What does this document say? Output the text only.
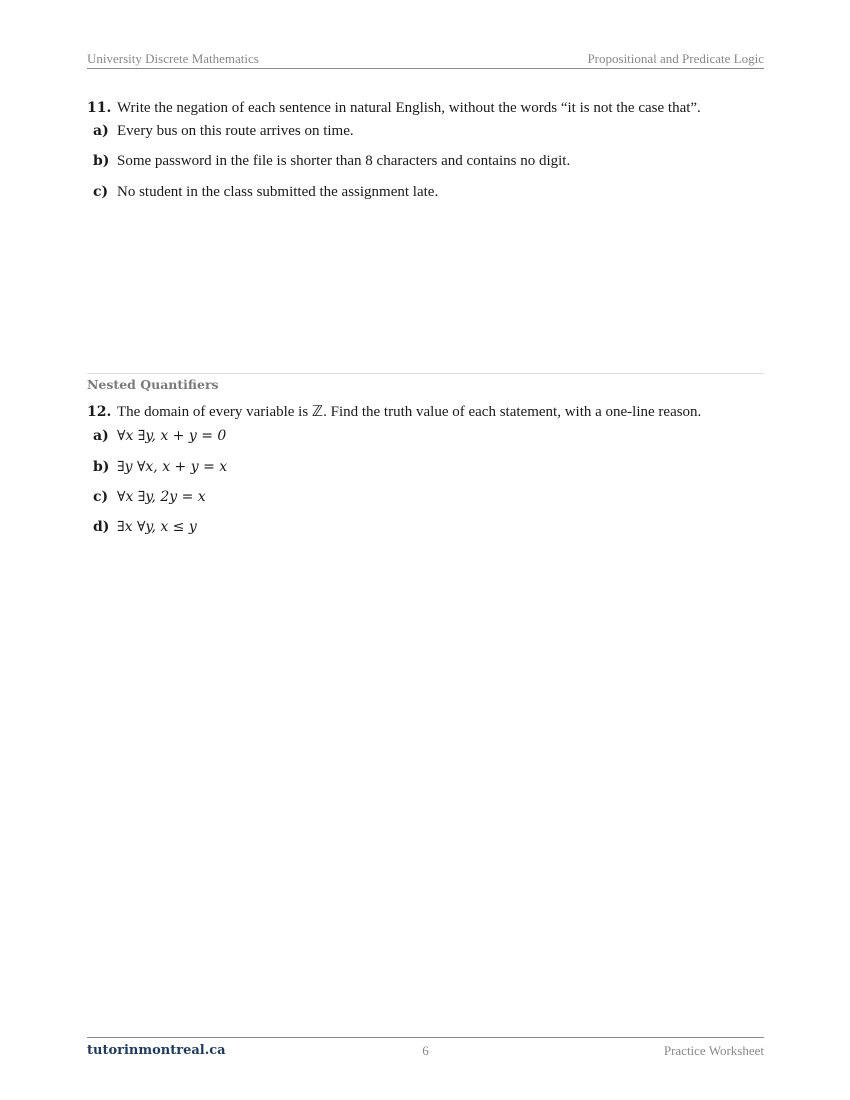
University Discrete Mathematics	Propositional and Predicate Logic
11. Write the negation of each sentence in natural English, without the words “it is not the case that”.
a) Every bus on this route arrives on time.
b) Some password in the file is shorter than 8 characters and contains no digit.
c) No student in the class submitted the assignment late.
Nested Quantifiers
12. The domain of every variable is ℤ. Find the truth value of each statement, with a one-line reason.
a) ∀x ∃y, x + y = 0
b) ∃y ∀x, x + y = x
c) ∀x ∃y, 2y = x
d) ∃x ∀y, x ≤ y
tutorinmontreal.ca	6	Practice Worksheet
